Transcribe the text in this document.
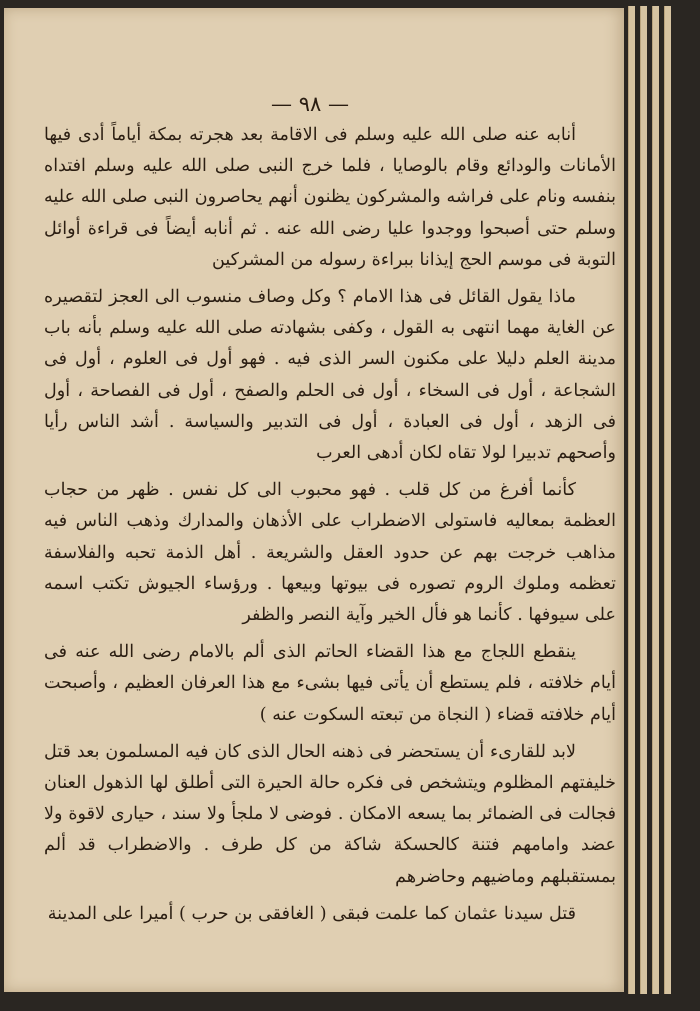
— ٩٨ —

أنابه عنه صلى الله عليه وسلم فى الاقامة بعد هجرته بمكة أياماً أدى فيها الأمانات والودائع وقام بالوصايا ، فلما خرج النبى صلى الله عليه وسلم افتداه بنفسه ونام على فراشه والمشركون يظنون أنهم يحاصرون النبى صلى الله عليه وسلم حتى أصبحوا ووجدوا عليا رضى الله عنه . ثم أنابه أيضاً فى قراءة أوائل التوبة فى موسم الحج إيذانا ببراءة رسوله من المشركين

ماذا يقول القائل فى هذا الامام ؟ وكل وصاف منسوب الى العجز لتقصيره عن الغاية مهما انتهى به القول ، وكفى بشهادته صلى الله عليه وسلم بأنه باب مدينة العلم دليلا على مكنون السر الذى فيه . فهو أول فى العلوم ، أول فى الشجاعة ، أول فى السخاء ، أول فى الحلم والصفح ، أول فى الفصاحة ، أول فى الزهد ، أول فى العبادة ، أول فى التدبير والسياسة . أشد الناس رأيا وأصحهم تدبيرا لولا تقاه لكان أدهى العرب

كأنما أفرغ من كل قلب . فهو محبوب الى كل نفس . ظهر من حجاب العظمة بمعاليه فاستولى الاضطراب على الأذهان والمدارك وذهب الناس فيه مذاهب خرجت بهم عن حدود العقل والشريعة . أهل الذمة تحبه والفلاسفة تعظمه وملوك الروم تصوره فى بيوتها وبيعها . ورؤساء الجيوش تكتب اسمه على سيوفها . كأنما هو فأل الخير وآية النصر والظفر

ينقطع اللجاج مع هذا القضاء الحاتم الذى ألم بالامام رضى الله عنه فى أيام خلافته ، فلم يستطع أن يأتى فيها بشىء مع هذا العرفان العظيم ، وأصبحت أيام خلافته قضاء ( النجاة من تبعته السكوت عنه )

لابد للقارىء أن يستحضر فى ذهنه الحال الذى كان فيه المسلمون بعد قتل خليفتهم المظلوم ويتشخص فى فكره حالة الحيرة التى أطلق لها الذهول العنان فجالت فى الضمائر بما يسعه الامكان . فوضى لا ملجأ ولا سند ، حيارى لاقوة ولا عضد وامامهم فتنة كالحسكة شاكة من كل طرف . والاضطراب قد ألم بمستقبلهم وماضيهم وحاضرهم

قتل سيدنا عثمان كما علمت فبقى ( الغافقى بن حرب ) أميرا على المدينة
